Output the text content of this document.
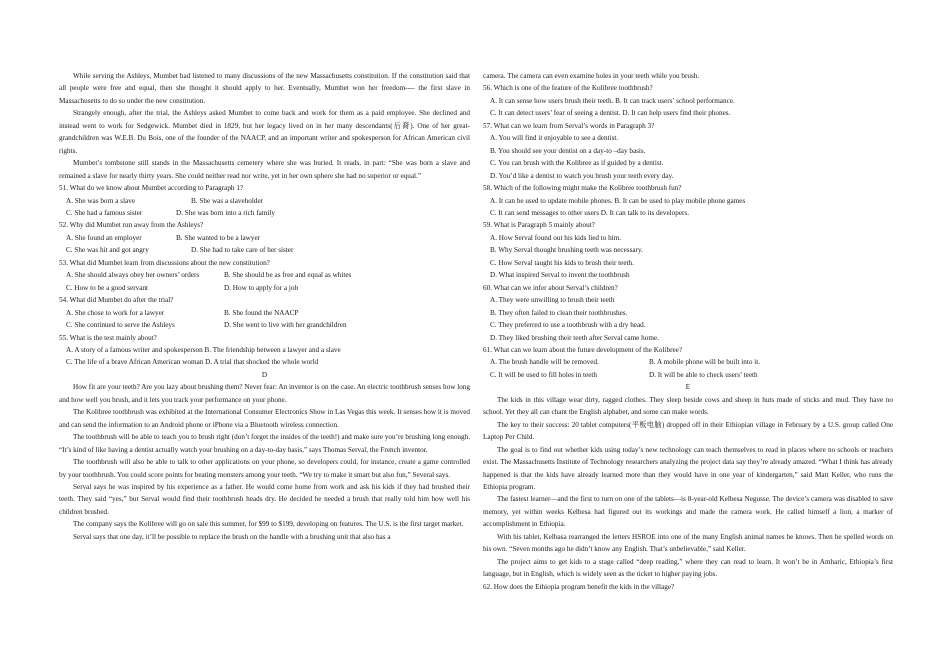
While serving the Ashleys, Mumbet had listened to many discussions of the new Massachusetts constitution. If the constitution said that all people were free and equal, then she thought it should apply to her. Eventually, Mumbet won her freedom---- the first slave in Massachusetts to do so under the new constitution.

Strangely enough, after the trial, the Ashleys asked Mumbet to come back and work for them as a paid employee. She declined and instead went to work for Sedgewick. Mumbet died in 1829, but her legacy lived on in her many descendants(后裔). One of her great-grandchildren was W.E.B. Du Bois, one of the founder of the NAACP, and an important writer and spokesperson for African American civil rights.

Mumbet’s tombstone still stands in the Massachusetts cemetery where she was buried. It reads, in part: “She was born a slave and remained a slave for nearly thirty years. She could neither read nor write, yet in her own sphere she had no superior or equal.”

51. What do we know about Mumbet according to Paragraph 1?

A. She was born a slave	B. She was a slaveholder
C. She had a famous sister	D. She was born into a rich family

52. Why did Mumbet run away from the Ashleys?

A. She found an employer	B. She wanted to be a lawyer
C. She was hit and got angry	D. She had to take care of her sister

53. What did Mumbet learn from discussions about the new constitution?

A. She should always obey her owners’ orders	B. She should be as free and equal as whites
C. How to be a good servant	D. How to apply for a job

54. What did Mumbet do after the trial?

A. She chose to work for a lawyer	B. She found the NAACP
C. She continued to serve the Ashleys	D. She went to live with her grandchildren

55. What is the test mainly about?

A. A story of a famous writer and spokesperson B. The friendship between a lawyer and a slave

C. The life of a brave African American woman D. A trial that shocked the whole world

D

How fit are your teeth? Are you lazy about brushing them? Never fear: An inventor is on the case. An electric toothbrush senses how long and how well you brush, and it lets you track your performance on your phone.

The Kolibree toothbrush was exhibited at the International Consumer Electronics Show in Las Vegas this week. It senses how it is moved and can send the information to an Android phone or iPhone via a Bluetooth wireless connection.

The toothbrush will be able to teach you to brush right (don’t forget the insides of the teeth!) and make sure you’re brushing long enough. “It’s kind of like having a dentist actually watch your brushing on a day-to-day basis,” says Thomas Serval, the French inventor.

The toothbrush will also be able to talk to other applications on your phone, so developers could, for instance, create a game controlled by your toothbrush. You could score points for beating monsters among your teeth. “We try to make it smart but also fun,” Several says.

Serval says he was inspired by his experience as a father. He would come home from work and ask his kids if they had brushed their teeth. They said “yes,” but Serval would find their toothbrush heads dry. He decided he needed a brush that really told him how well his children brushed.

The company says the Kolibree will go on sale this summer, for $99 to $199, developing on features. The U.S. is the first target market.

Serval says that one day, it’ll be possible to replace the brush on the handle with a brushing unit that also has a

camera. The camera can even examine holes in your teeth while you brush.

56. Which is one of the feature of the Kolibree toothbrush?

A. It can sense how users brush their teeth. B. It can track users’ school performance.

C. It can detect users’ fear of seeing a dentist. D. It can help users find their phones.

57. What can we learn from Serval’s words in Paragraph 3?

A. You will find it enjoyable to see a dentist.

B. You should see your dentist on a day-to –day basis.

C. You can brush with the Kolibree as if guided by a dentist.

D. You’d like a dentist to watch you brush your teeth every day.

58. Which of the following might make the Kolibree toothbrush fun?

A. It can be used to update mobile phones. B. It can be used to play mobile phone games

C. It can send messages to other users D. It can talk to its developers.

59. What is Paragraph 5 mainly about?

A. How Serval found out his kids lied to him.

B. Why Serval thought brushing teeth was necessary.

C. How Serval taught his kids to brush their teeth.

D. What inspired Serval to invent the toothbrush

60. What can we infer about Serval’s children?

A. They were unwilling to brush their teeth

B. They often failed to clean their toothbrushes.

C. They preferred to use a toothbrush with a dry head.

D. They liked brushing their teeth after Serval came home.

61. What can we learn about the future development of the Kolibree?

A. The brush handle will be removed.	B. A mobile phone will be built into it.
C. It will be used to fill holes in teeth	D. It will be able to check users’ teeth

E

The kids in this village wear dirty, ragged clothes. They sleep beside cows and sheep in huts made of sticks and mud. They have no school. Yet they all can chant the English alphabet, and some can make words.

The key to their success: 20 tablet computers(平板电脑) dropped off in their Ethiopian village in February by a U.S. group called One Laptop Per Child.

The goal is to find out whether kids using today’s new technology can teach themselves to read in places where no schools or teachers exist. The Massachusetts Institute of Technology researchers analyzing the project data say they’re already amazed. “What I think has already happened is that the kids have already learned more than they would have in one year of kindergarten,” said Matt Keller, who runs the Ethiopia program.

The fastest learner—and the first to turn on one of the tablets—is 8-year-old Kelbesa Negusse. The device’s camera was disabled to save memory, yet within weeks Kelbesa had figured out its workings and made the camera work. He called himself a lion, a marker of accomplishment in Ethiopia.

With his tablet, Kelbasa rearranged the letters HSROE into one of the many English animal names he knows. Then he spelled words on his own. “Seven months ago he didn’t know any English. That’s unbelievable,” said Keller.

The project aims to get kids to a stage called “deep reading,” where they can read to learn. It won’t be in Amharic, Ethiopia’s first language, but in English, which is widely seen as the ticket to higher paying jobs.

62. How does the Ethiopia program benefit the kids in the village?
